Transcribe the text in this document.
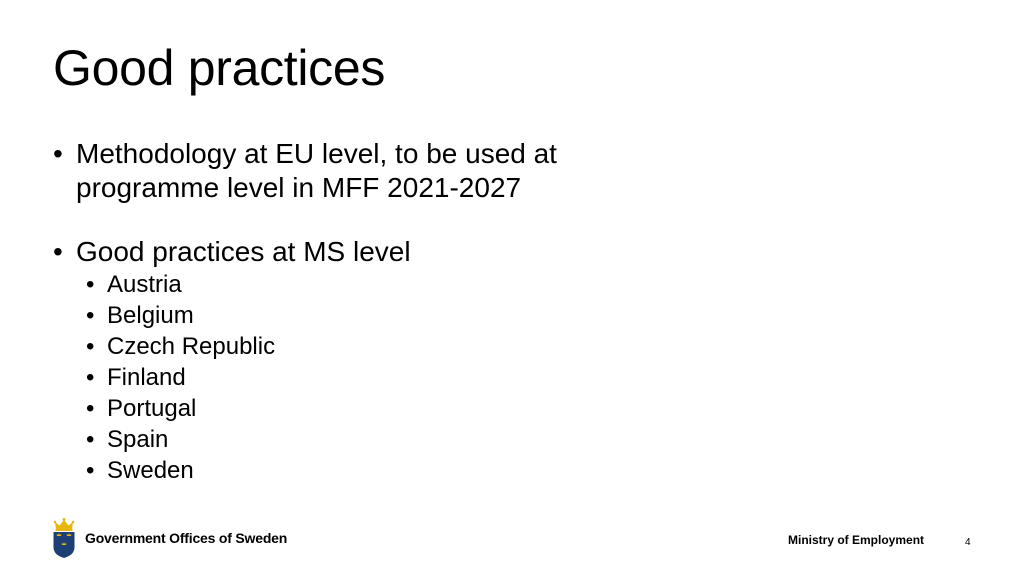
Good practices
• Methodology at EU level, to be used at programme level in MFF 2021-2027
• Good practices at MS level
• Austria
• Belgium
• Czech Republic
• Finland
• Portugal
• Spain
• Sweden
Government Offices of Sweden	Ministry of Employment	4
